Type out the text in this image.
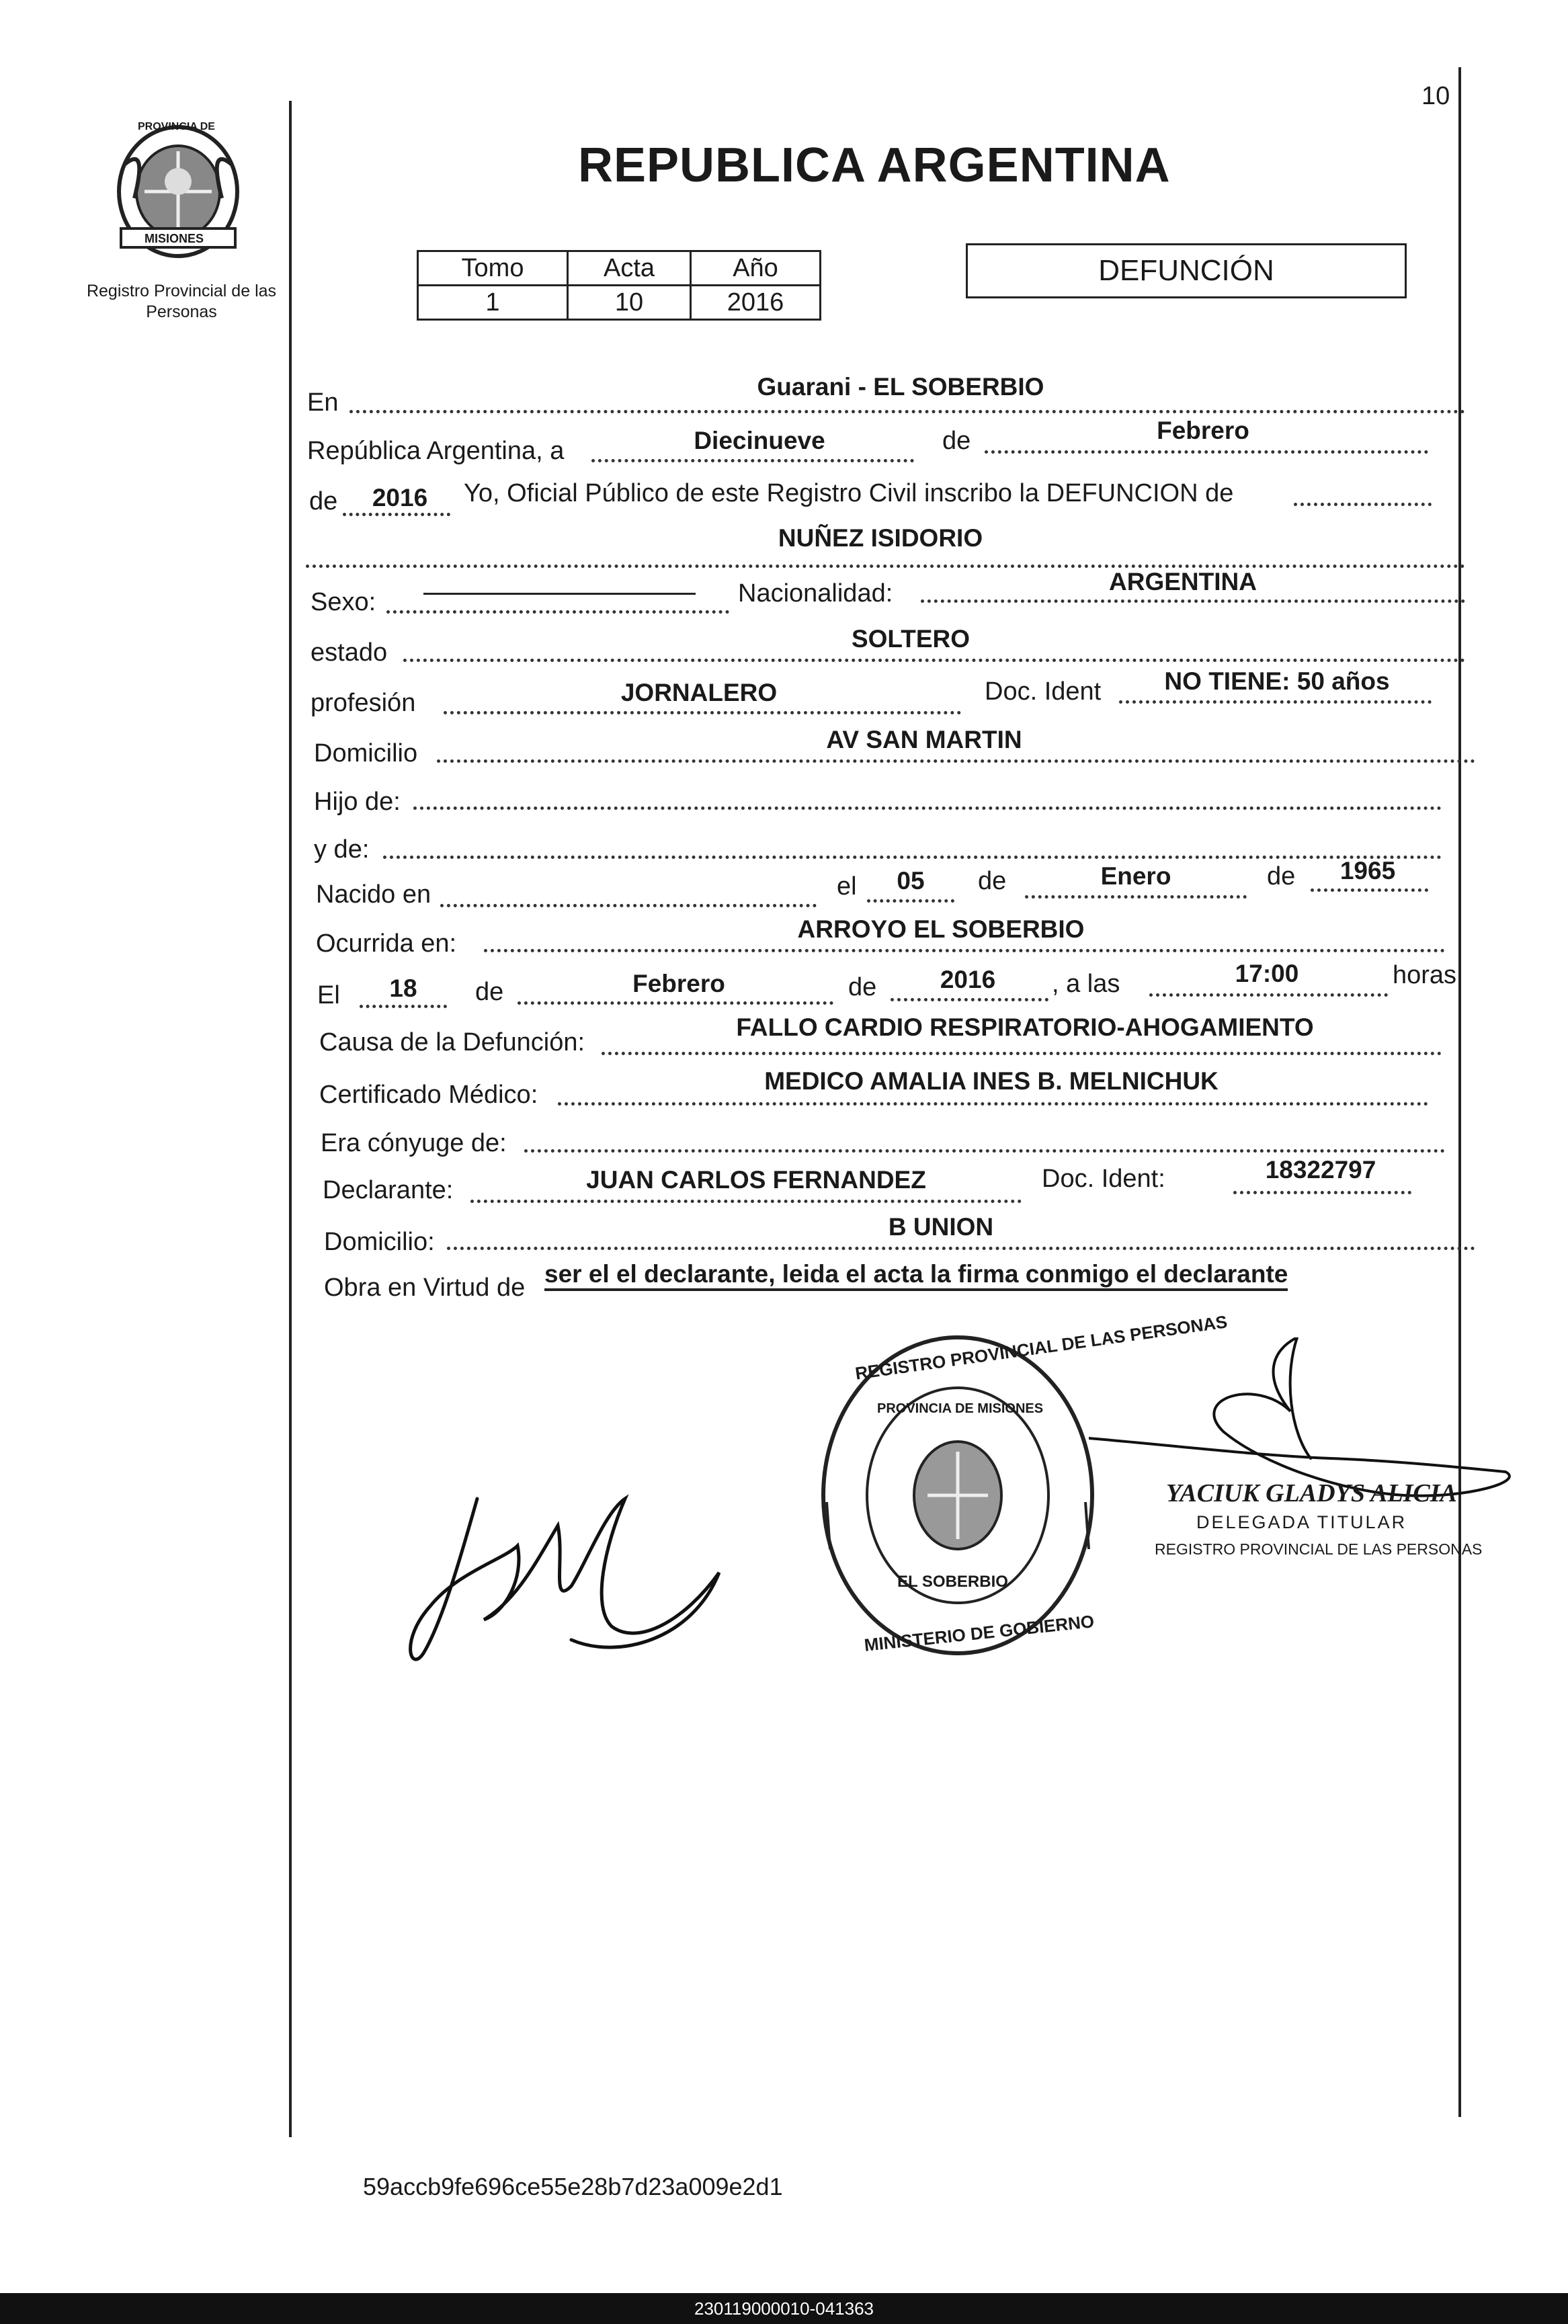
10
PROVINCIA DE
MISIONES
Registro Provincial de las Personas
REPUBLICA ARGENTINA
Tomo	Acta	Año
1	10	2016
DEFUNCIÓN
En
Guarani - EL SOBERBIO
República Argentina, a	Diecinueve	de	Febrero
de	2016	Yo, Oficial Público de este Registro Civil inscribo la DEFUNCION de
NUÑEZ ISIDORIO
Sexo:	Nacionalidad:	ARGENTINA
estado	SOLTERO
profesión	JORNALERO	Doc. Ident	NO TIENE: 50 años
Domicilio	AV SAN MARTIN
Hijo de:
y de:
Nacido en	el	05	de	Enero	de	1965
Ocurrida en:
ARROYO EL SOBERBIO
El	18	de	Febrero	de	2016	, a las	17:00	horas
Causa de la Defunción:
FALLO CARDIO RESPIRATORIO-AHOGAMIENTO
Certificado Médico:	MEDICO AMALIA INES B. MELNICHUK
Era cónyuge de:
Declarante:	JUAN CARLOS FERNANDEZ	Doc. Ident:	18322797
Domicilio:
B UNION
Obra en Virtud de ser el el declarante, leida el acta la firma conmigo el declarante
REGISTRO PROVINCIAL DE LAS PERSONAS
PROVINCIA DE MISIONES
EL SOBERBIO
MINISTERIO DE GOBIERNO
YACIUK GLADYS ALICIA
DELEGADA TITULAR
REGISTRO PROVINCIAL DE LAS PERSONAS
59accb9fe696ce55e28b7d23a009e2d1
230119000010-041363
